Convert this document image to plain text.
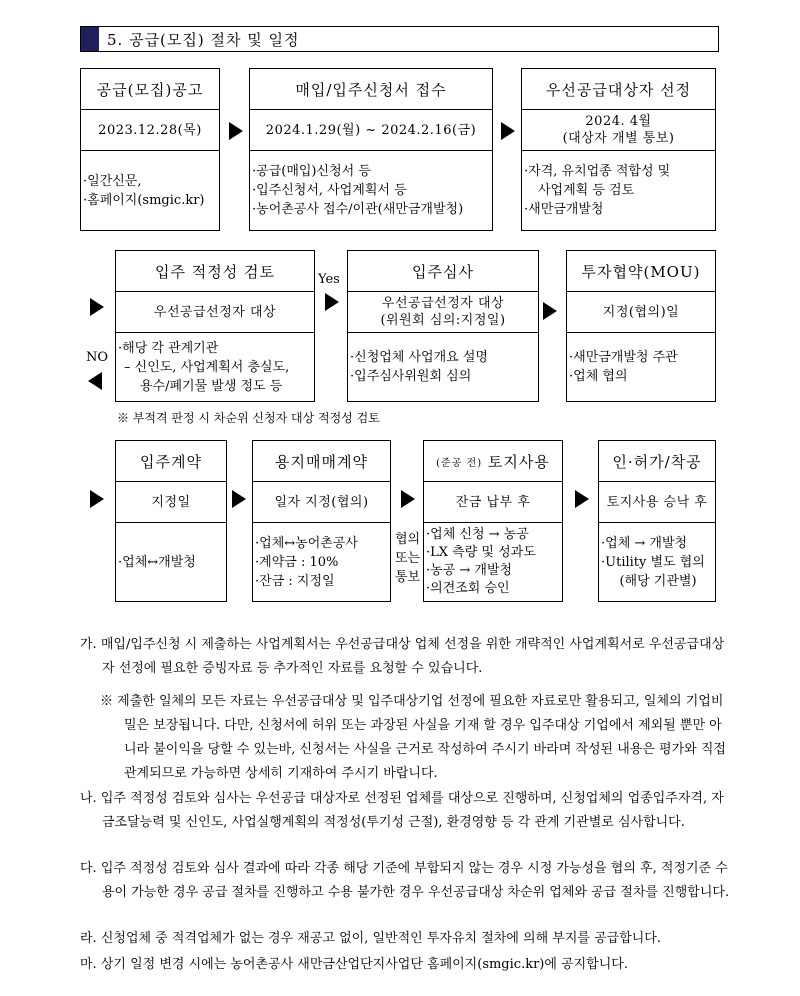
5. 공급(모집) 절차 및 일정
공급(모집)공고
2023.12.28(목)
·일간신문,
·홈페이지(smgic.kr)
매입/입주신청서 접수
2024.1.29(월) ~ 2024.2.16(금)
·공급(매입)신청서 등
·입주신청서, 사업계획서 등
·농어촌공사 접수/이관(새만금개발청)
우선공급대상자 선정
2024. 4월
(대상자 개별 통보)
·자격, 유치업종 적합성 및
사업계획 등 검토
·새만금개발청
NO
입주 적정성 검토
우선공급선정자 대상
·해당 각 관계기관
– 신인도, 사업계획서 충실도,
용수/폐기물 발생 정도 등
Yes	입주심사
우선공급선정자 대상
(위원회 심의:지정일)
·신청업체 사업개요 설명
·입주심사위원회 심의
투자협약(MOU)
지정(협의)일
·새만금개발청 주관
·업체 협의
※ 부적격 판정 시 차순위 신청자 대상 적정성 검토
입주계약
지정일
·업체↔개발청
용지매매계약
일자 지정(협의)
·업체↔농어촌공사
·계약금 : 10%
·잔금 : 지정일
협의
또는
통보
(준공 전)
토지사용
잔금 납부 후
·업체 신청 → 농공
·LX 측량 및 성과도
·농공 → 개발청
·의견조회 승인
인·허가/착공
토지사용 승낙 후
·업체 → 개발청
·Utility 별도 협의
(해당 기관별)
가. 매입/입주신청 시 제출하는 사업계획서는 우선공급대상 업체 선정을 위한 개략적인 사업계획서로 우선공급대상자 선정에 필요한 증빙자료 등 추가적인 자료를 요청할 수 있습니다.
※ 제출한 일체의 모든 자료는 우선공급대상 및 입주대상기업 선정에 필요한 자료로만 활용되고, 일체의 기업비밀은 보장됩니다. 다만, 신청서에 허위 또는 과장된 사실을 기재 할 경우 입주대상 기업에서 제외될 뿐만 아니라 불이익을 당할 수 있는바, 신청서는 사실을 근거로 작성하여 주시기 바라며 작성된 내용은 평가와 직접 관계되므로 가능하면 상세히 기재하여 주시기 바랍니다.
나. 입주 적정성 검토와 심사는 우선공급 대상자로 선정된 업체를 대상으로 진행하며, 신청업체의 업종입주자격, 자금조달능력 및 신인도, 사업실행계획의 적정성(투기성 근절), 환경영향 등 각 관계 기관별로 심사합니다.
다. 입주 적정성 검토와 심사 결과에 따라 각종 해당 기준에 부합되지 않는 경우 시정 가능성을 협의 후, 적정기준 수용이 가능한 경우 공급 절차를 진행하고 수용 불가한 경우 우선공급대상 차순위 업체와 공급 절차를 진행합니다.
라. 신청업체 중 적격업체가 없는 경우 재공고 없이, 일반적인 투자유치 절차에 의해 부지를 공급합니다.
마. 상기 일정 변경 시에는 농어촌공사 새만금산업단지사업단 홈페이지(smgic.kr)에 공지합니다.
